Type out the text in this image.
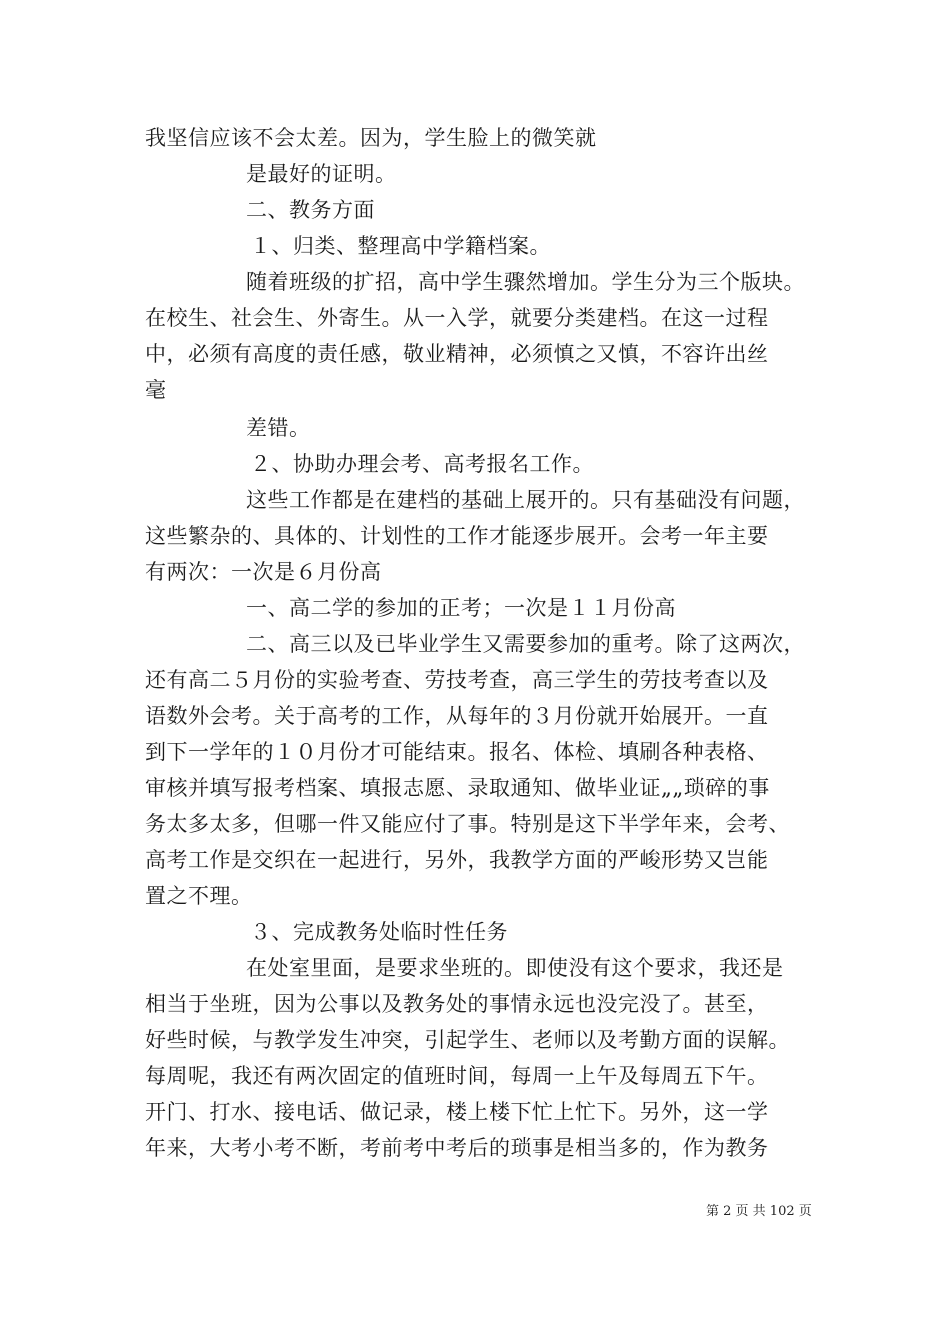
我坚信应该不会太差。因为，学生脸上的微笑就
是最好的证明。
二、教务方面
１、归类、整理高中学籍档案。
随着班级的扩招，高中学生骤然增加。学生分为三个版块。
在校生、社会生、外寄生。从一入学，就要分类建档。在这一过程
中，必须有高度的责任感，敬业精神，必须慎之又慎，不容许出丝
毫
差错。
２、协助办理会考、高考报名工作。
这些工作都是在建档的基础上展开的。只有基础没有问题，
这些繁杂的、具体的、计划性的工作才能逐步展开。会考一年主要
有两次：一次是６月份高
一、高二学的参加的正考；一次是１１月份高
二、高三以及已毕业学生又需要参加的重考。除了这两次，
还有高二５月份的实验考查、劳技考查，高三学生的劳技考查以及
语数外会考。关于高考的工作，从每年的３月份就开始展开。一直
到下一学年的１０月份才可能结束。报名、体检、填刷各种表格、
审核并填写报考档案、填报志愿、录取通知、做毕业证„„琐碎的事
务太多太多，但哪一件又能应付了事。特别是这下半学年来，会考、
高考工作是交织在一起进行，另外，我教学方面的严峻形势又岂能
置之不理。
３、完成教务处临时性任务
在处室里面，是要求坐班的。即使没有这个要求，我还是
相当于坐班，因为公事以及教务处的事情永远也没完没了。甚至，
好些时候，与教学发生冲突，引起学生、老师以及考勤方面的误解。
每周呢，我还有两次固定的值班时间，每周一上午及每周五下午。
开门、打水、接电话、做记录，楼上楼下忙上忙下。另外，这一学
年来，大考小考不断，考前考中考后的琐事是相当多的，作为教务
第 2 页 共 102 页
